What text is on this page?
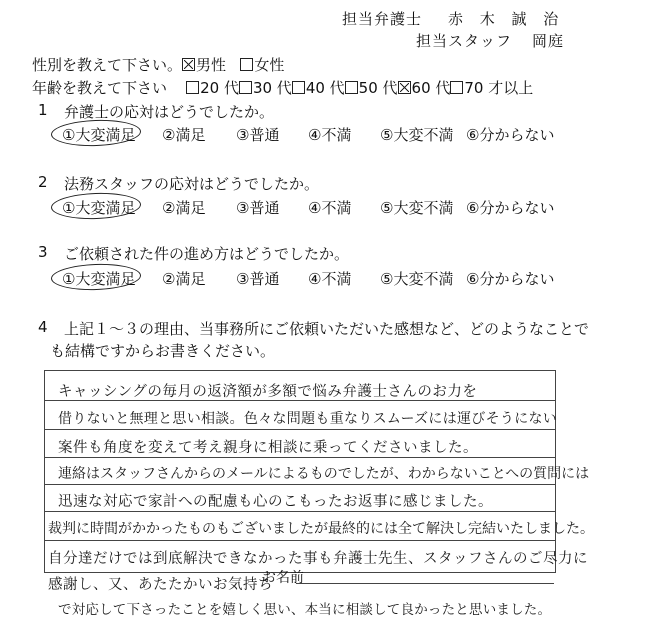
担当弁護士 赤 木 誠 治
担当スタッフ 岡庭
性別を教えて下さい。 男性 女性
年齢を教えて下さい 20 代 30 代 40 代 50 代 60 代 70 才以上
1 弁護士の応対はどうでしたか。
①大変満足 ②満足 ③普通 ④不満 ⑤大変不満 ⑥分からない
2 法務スタッフの応対はどうでしたか。
①大変満足 ②満足 ③普通 ④不満 ⑤大変不満 ⑥分からない
3 ご依頼された件の進め方はどうでしたか。
①大変満足 ②満足 ③普通 ④不満 ⑤大変不満 ⑥分からない
4 上記１～３の理由、当事務所にご依頼いただいた感想など、どのようなことで
も結構ですからお書きください。
キャッシングの毎月の返済額が多額で悩み弁護士さんのお力を
借りないと無理と思い相談。色々な問題も重なりスムーズには運びそうにない
案件も角度を変えて考え親身に相談に乗ってくださいました。
連絡はスタッフさんからのメールによるものでしたが、わからないことへの質問には
迅速な対応で家計への配慮も心のこもったお返事に感じました。
裁判に時間がかかったものもございましたが最終的には全て解決し完結いたしました。
自分達だけでは到底解決できなかった事も弁護士先生、スタッフさんのご尽力に
感謝し、又、あたたかいお気持ち
お名前
で対応して下さったことを嬉しく思い、本当に相談して良かったと思いました。
